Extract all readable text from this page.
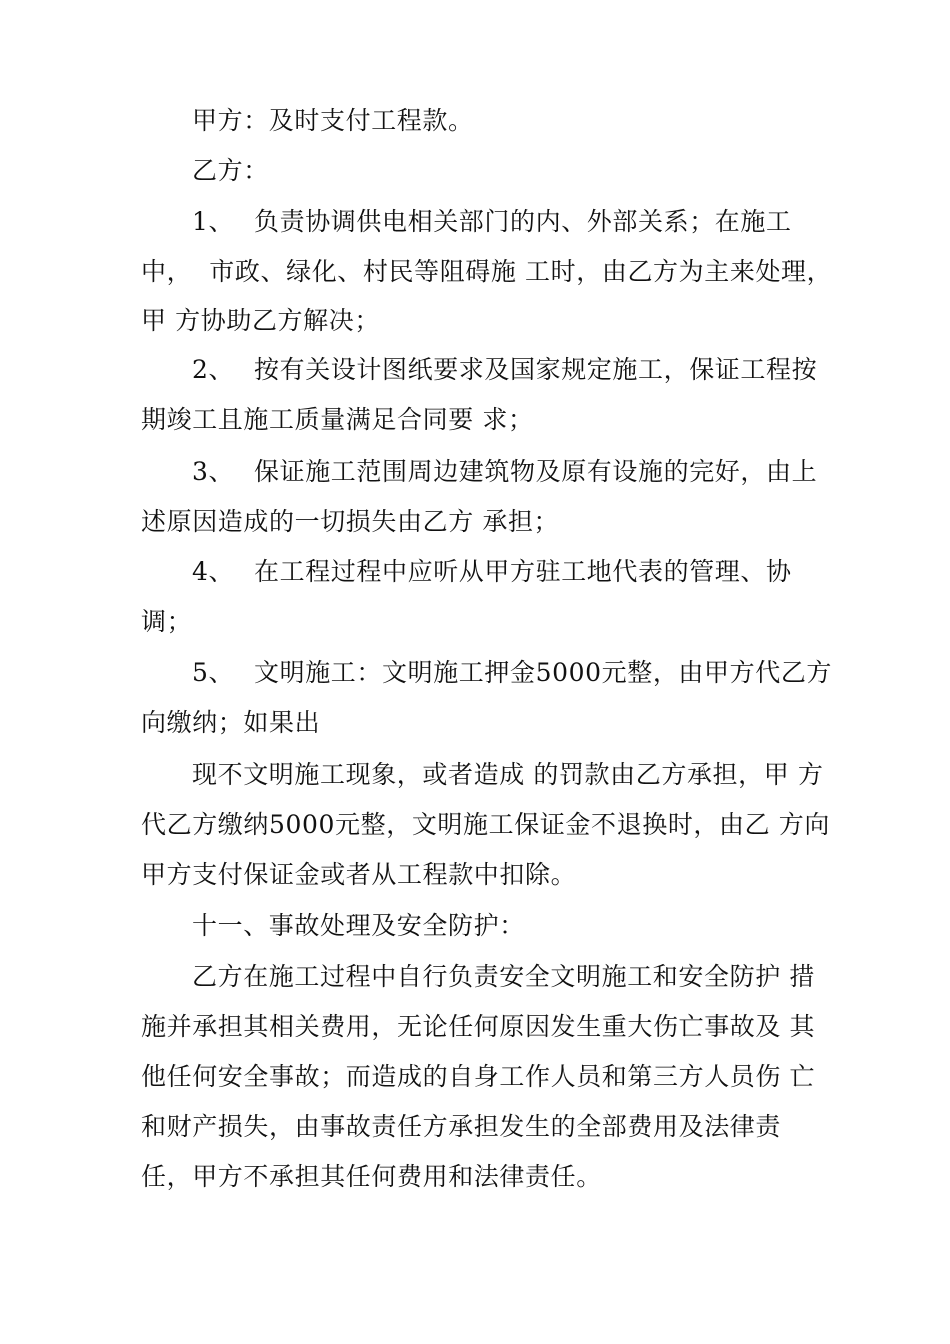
甲方：及时支付工程款。
乙方：
1、 负责协调供电相关部门的内、外部关系；在施工
中，  市政、绿化、村民等阻碍施 工时，由乙方为主来处理，
甲 方协助乙方解决；
2、 按有关设计图纸要求及国家规定施工，保证工程按
期竣工且施工质量满足合同要 求；
3、 保证施工范围周边建筑物及原有设施的完好，由上
述原因造成的一切损失由乙方 承担；
4、 在工程过程中应听从甲方驻工地代表的管理、协
调；
5、 文明施工：文明施工押金5000元整，由甲方代乙方
向缴纳；如果出
现不文明施工现象，或者造成 的罚款由乙方承担，甲 方
代乙方缴纳5000元整，文明施工保证金不退换时，由乙 方向
甲方支付保证金或者从工程款中扣除。
十一、事故处理及安全防护：
乙方在施工过程中自行负责安全文明施工和安全防护 措
施并承担其相关费用，无论任何原因发生重大伤亡事故及 其
他任何安全事故；而造成的自身工作人员和第三方人员伤 亡
和财产损失，由事故责任方承担发生的全部费用及法律责
任，甲方不承担其任何费用和法律责任。
